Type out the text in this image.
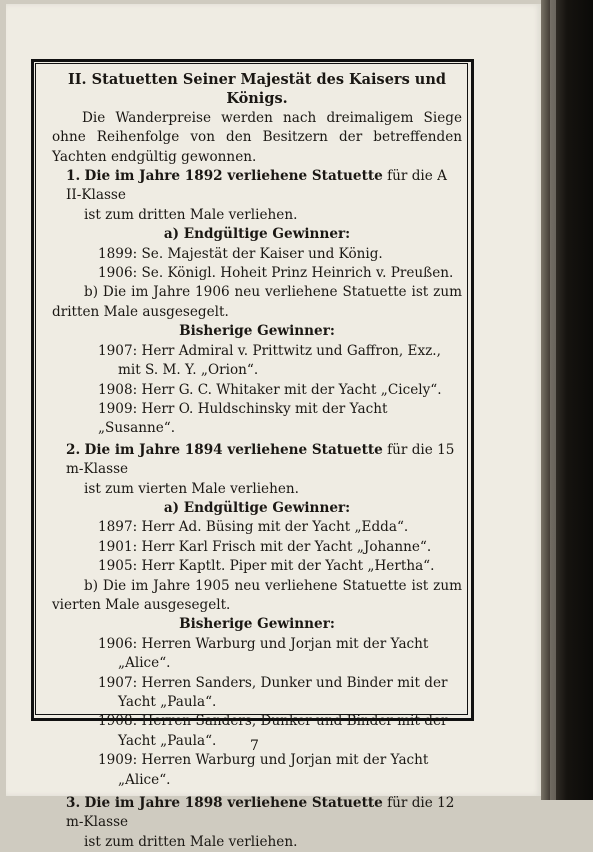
II. Statuetten Seiner Majestät des Kaisers und Königs.

Die Wanderpreise werden nach dreimaligem Siege ohne Reihenfolge von den Besitzern der betreffenden Yachten endgültig gewonnen.

1. Die im Jahre 1892 verliehene Statuette für die A II-Klasse

ist zum dritten Male verliehen.

a) Endgültige Gewinner:

1899: Se. Majestät der Kaiser und König.

1906: Se. Königl. Hoheit Prinz Heinrich v. Preußen.

b) Die im Jahre 1906 neu verliehene Statuette ist zum dritten Male ausgesegelt.

Bisherige Gewinner:

1907: Herr Admiral v. Prittwitz und Gaffron, Exz.,

mit S. M. Y. „Orion“.

1908: Herr G. C. Whitaker mit der Yacht „Cicely“.

1909: Herr O. Huldschinsky mit der Yacht „Susanne“.

2. Die im Jahre 1894 verliehene Statuette für die 15 m-Klasse

ist zum vierten Male verliehen.

a) Endgültige Gewinner:

1897: Herr Ad. Büsing mit der Yacht „Edda“.

1901: Herr Karl Frisch mit der Yacht „Johanne“.

1905: Herr Kaptlt. Piper mit der Yacht „Hertha“.

b) Die im Jahre 1905 neu verliehene Statuette ist zum vierten Male ausgesegelt.

Bisherige Gewinner:

1906: Herren Warburg und Jorjan mit der Yacht

„Alice“.

1907: Herren Sanders, Dunker und Binder mit der

Yacht „Paula“.

1908: Herren Sanders, Dunker und Binder mit der

Yacht „Paula“.

1909: Herren Warburg und Jorjan mit der Yacht

„Alice“.

3. Die im Jahre 1898 verliehene Statuette für die 12 m-Klasse

ist zum dritten Male verliehen.

7
